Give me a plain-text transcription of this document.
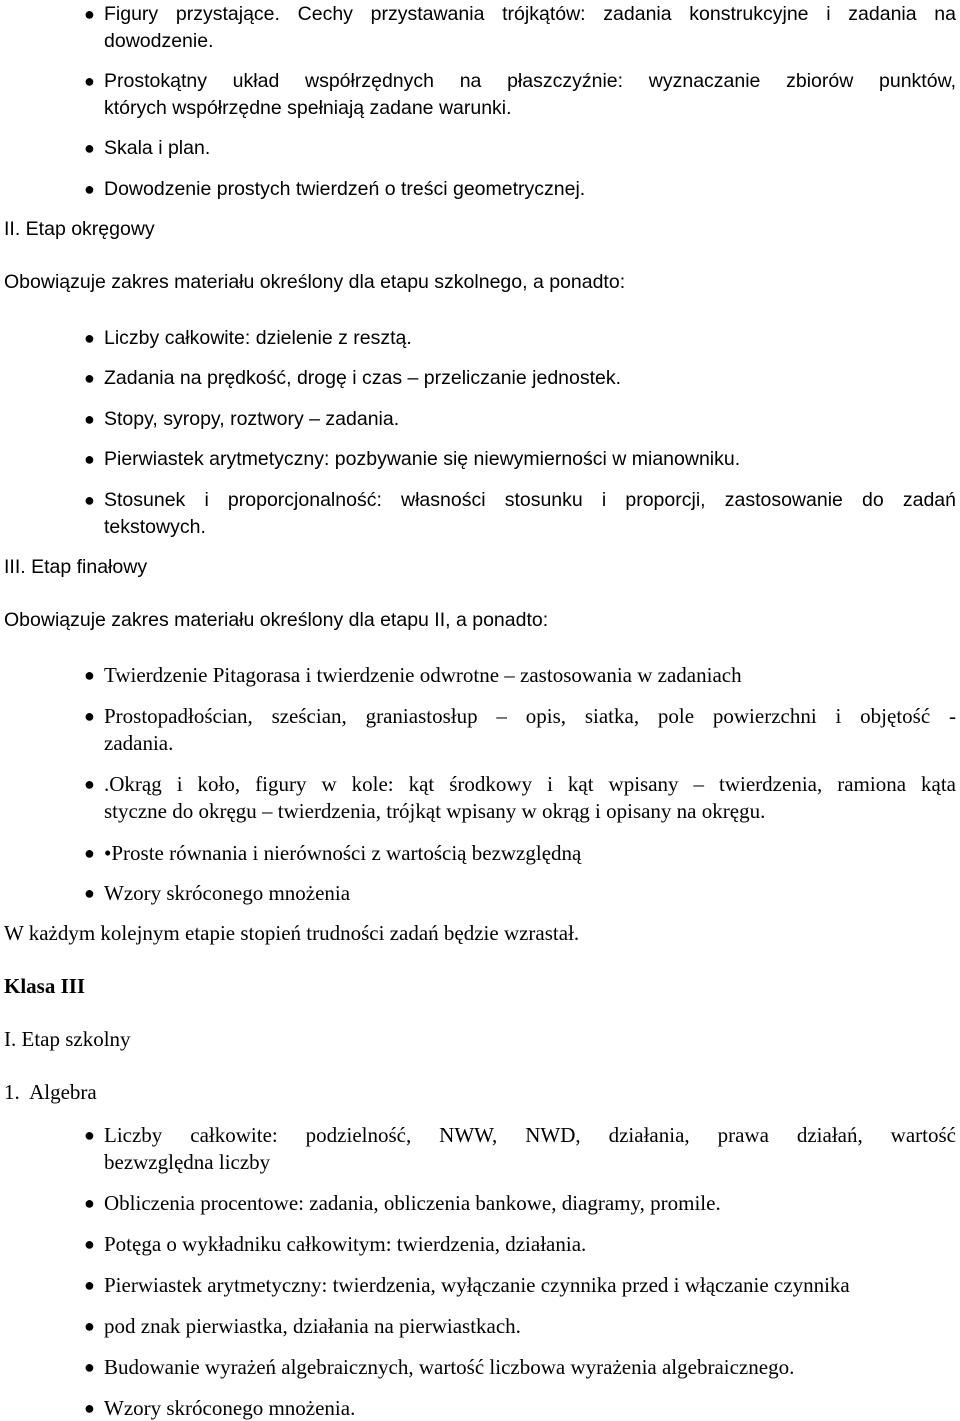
● Figury przystające. Cechy przystawania trójkątów: zadania konstrukcyjne i zadania na
dowodzenie.
● Prostokątny układ współrzędnych na płaszczyźnie: wyznaczanie zbiorów punktów,
których współrzędne spełniają zadane warunki.
● Skala i plan.
● Dowodzenie prostych twierdzeń o treści geometrycznej.
II. Etap okręgowy
Obowiązuje zakres materiału określony dla etapu szkolnego, a ponadto:
● Liczby całkowite: dzielenie z resztą.
● Zadania na prędkość, drogę i czas – przeliczanie jednostek.
● Stopy, syropy, roztwory – zadania.
● Pierwiastek arytmetyczny: pozbywanie się niewymierności w mianowniku.
● Stosunek i proporcjonalność: własności stosunku i proporcji, zastosowanie do zadań
tekstowych.
III. Etap finałowy
Obowiązuje zakres materiału określony dla etapu II, a ponadto:
● Twierdzenie Pitagorasa i twierdzenie odwrotne – zastosowania w zadaniach
● Prostopadłościan, sześcian, graniastosłup – opis, siatka, pole powierzchni i objętość -
zadania.
● .Okrąg i koło, figury w kole: kąt środkowy i kąt wpisany – twierdzenia, ramiona kąta
styczne do okręgu – twierdzenia, trójkąt wpisany w okrąg i opisany na okręgu.
● •Proste równania i nierówności z wartością bezwzględną
● Wzory skróconego mnożenia
W każdym kolejnym etapie stopień trudności zadań będzie wzrastał.
Klasa III
I. Etap szkolny
1.  Algebra
● Liczby całkowite: podzielność, NWW, NWD, działania, prawa działań, wartość
bezwzględna liczby
● Obliczenia procentowe: zadania, obliczenia bankowe, diagramy, promile.
● Potęga o wykładniku całkowitym: twierdzenia, działania.
● Pierwiastek arytmetyczny: twierdzenia, wyłączanie czynnika przed i włączanie czynnika
● pod znak pierwiastka, działania na pierwiastkach.
● Budowanie wyrażeń algebraicznych, wartość liczbowa wyrażenia algebraicznego.
● Wzory skróconego mnożenia.
